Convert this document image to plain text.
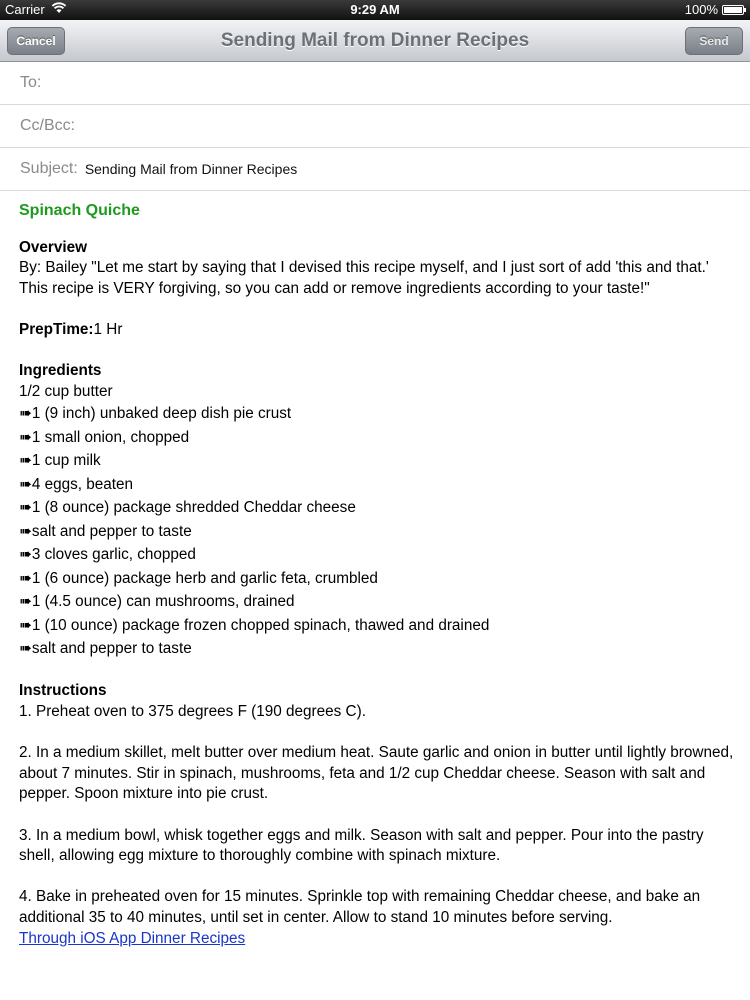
Carrier	9:29 AM	100%
Cancel	Sending Mail from Dinner Recipes	Send
To:
Cc/Bcc:
Subject: Sending Mail from Dinner Recipes

Spinach Quiche

Overview

By: Bailey "Let me start by saying that I devised this recipe myself, and I just sort of add 'this and that.' This recipe is VERY forgiving, so you can add or remove ingredients according to your taste!"

PrepTime:1 Hr

Ingredients

1/2 cup butter

➠1 (9 inch) unbaked deep dish pie crust

➠1 small onion, chopped

➠1 cup milk

➠4 eggs, beaten

➠1 (8 ounce) package shredded Cheddar cheese

➠salt and pepper to taste

➠3 cloves garlic, chopped

➠1 (6 ounce) package herb and garlic feta, crumbled

➠1 (4.5 ounce) can mushrooms, drained

➠1 (10 ounce) package frozen chopped spinach, thawed and drained

➠salt and pepper to taste

Instructions

1. Preheat oven to 375 degrees F (190 degrees C).

2. In a medium skillet, melt butter over medium heat. Saute garlic and onion in butter until lightly browned, about 7 minutes. Stir in spinach, mushrooms, feta and 1/2 cup Cheddar cheese. Season with salt and pepper. Spoon mixture into pie crust.

3. In a medium bowl, whisk together eggs and milk. Season with salt and pepper. Pour into the pastry shell, allowing egg mixture to thoroughly combine with spinach mixture.

4. Bake in preheated oven for 15 minutes. Sprinkle top with remaining Cheddar cheese, and bake an additional 35 to 40 minutes, until set in center. Allow to stand 10 minutes before serving.

Through iOS App Dinner Recipes
